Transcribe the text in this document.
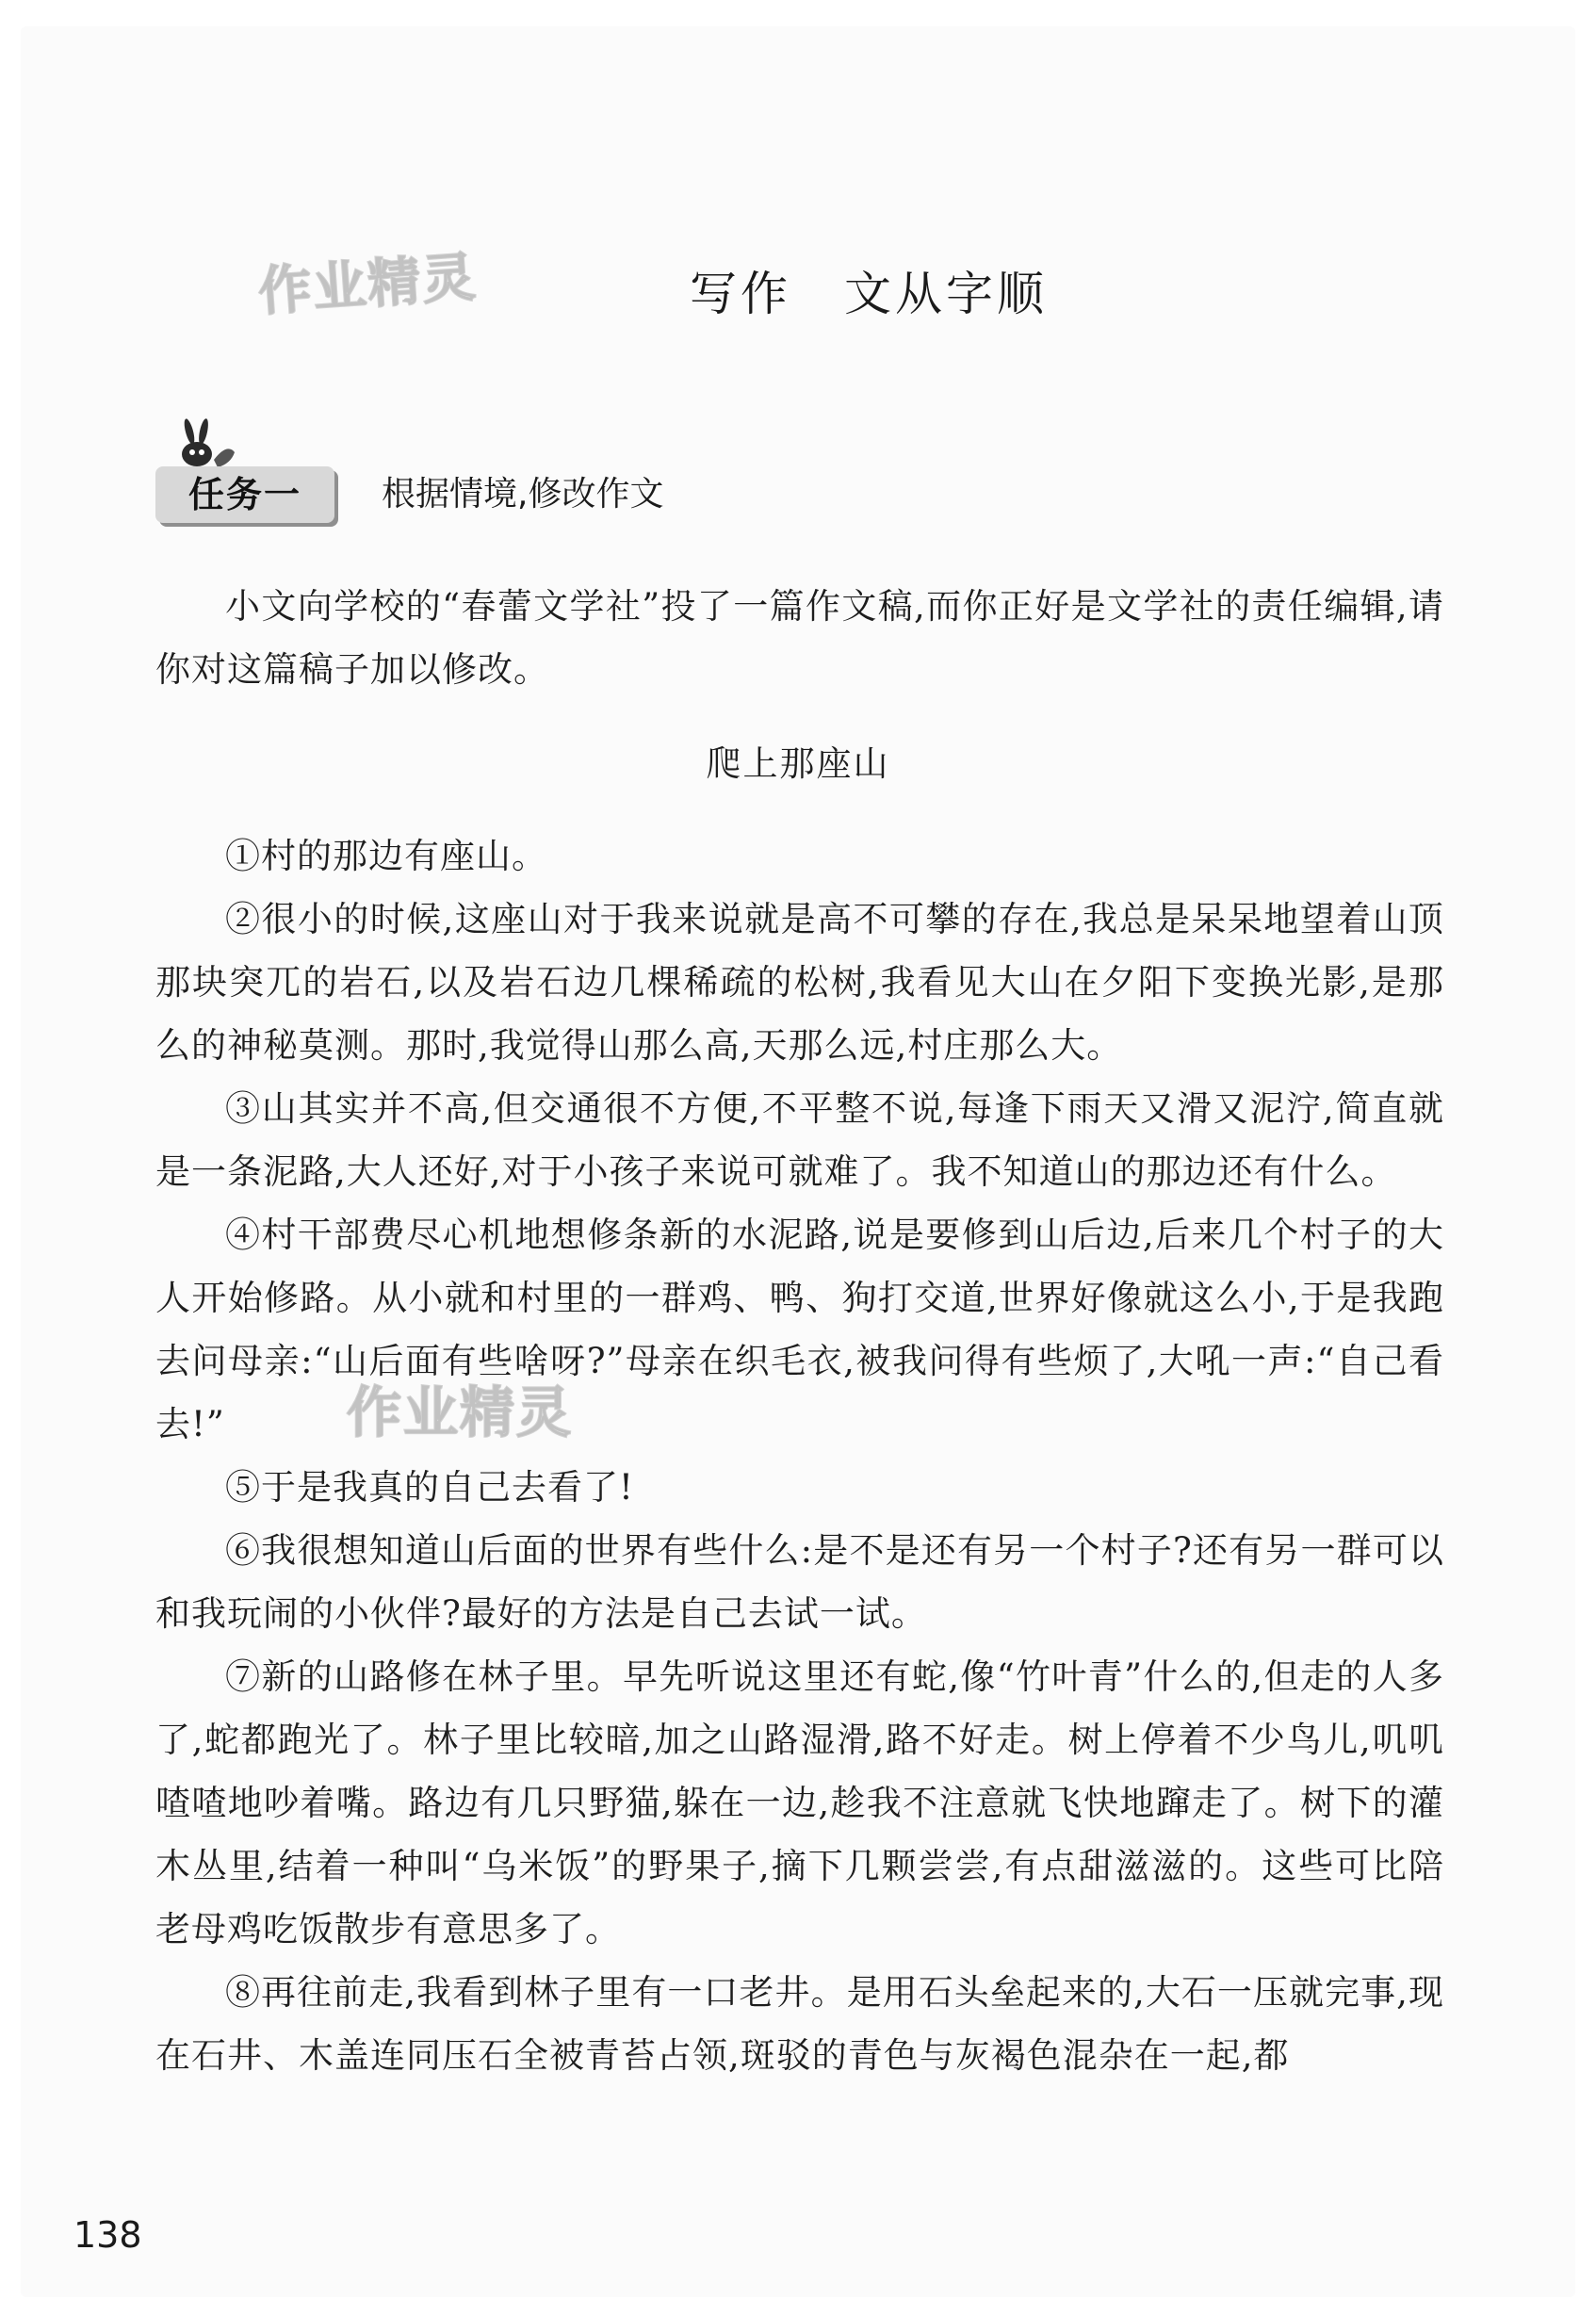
作业精灵	写作 文从字顺
任务一	根据情境,修改作文
小文向学校的“春蕾文学社”投了一篇作文稿,而你正好是文学社的责任编辑,请你对这篇稿子加以修改。
爬上那座山

①村的那边有座山。

②很小的时候,这座山对于我来说就是高不可攀的存在,我总是呆呆地望着山顶那块突兀的岩石,以及岩石边几棵稀疏的松树,我看见大山在夕阳下变换光影,是那么的神秘莫测。那时,我觉得山那么高,天那么远,村庄那么大。

③山其实并不高,但交通很不方便,不平整不说,每逢下雨天又滑又泥泞,简直就是一条泥路,大人还好,对于小孩子来说可就难了。我不知道山的那边还有什么。

④村干部费尽心机地想修条新的水泥路,说是要修到山后边,后来几个村子的大人开始修路。从小就和村里的一群鸡、鸭、狗打交道,世界好像就这么小,于是我跑去问母亲:“山后面有些啥呀?”母亲在织毛衣,被我问得有些烦了,大吼一声:“自己看去!”

⑤于是我真的自己去看了!

⑥我很想知道山后面的世界有些什么:是不是还有另一个村子?还有另一群可以和我玩闹的小伙伴?最好的方法是自己去试一试。

⑦新的山路修在林子里。早先听说这里还有蛇,像“竹叶青”什么的,但走的人多了,蛇都跑光了。林子里比较暗,加之山路湿滑,路不好走。树上停着不少鸟儿,叽叽喳喳地吵着嘴。路边有几只野猫,躲在一边,趁我不注意就飞快地蹿走了。树下的灌木丛里,结着一种叫“乌米饭”的野果子,摘下几颗尝尝,有点甜滋滋的。这些可比陪老母鸡吃饭散步有意思多了。

⑧再往前走,我看到林子里有一口老井。是用石头垒起来的,大石一压就完事,现在石井、木盖连同压石全被青苔占领,斑驳的青色与灰褐色混杂在一起,都

作业精灵
138
